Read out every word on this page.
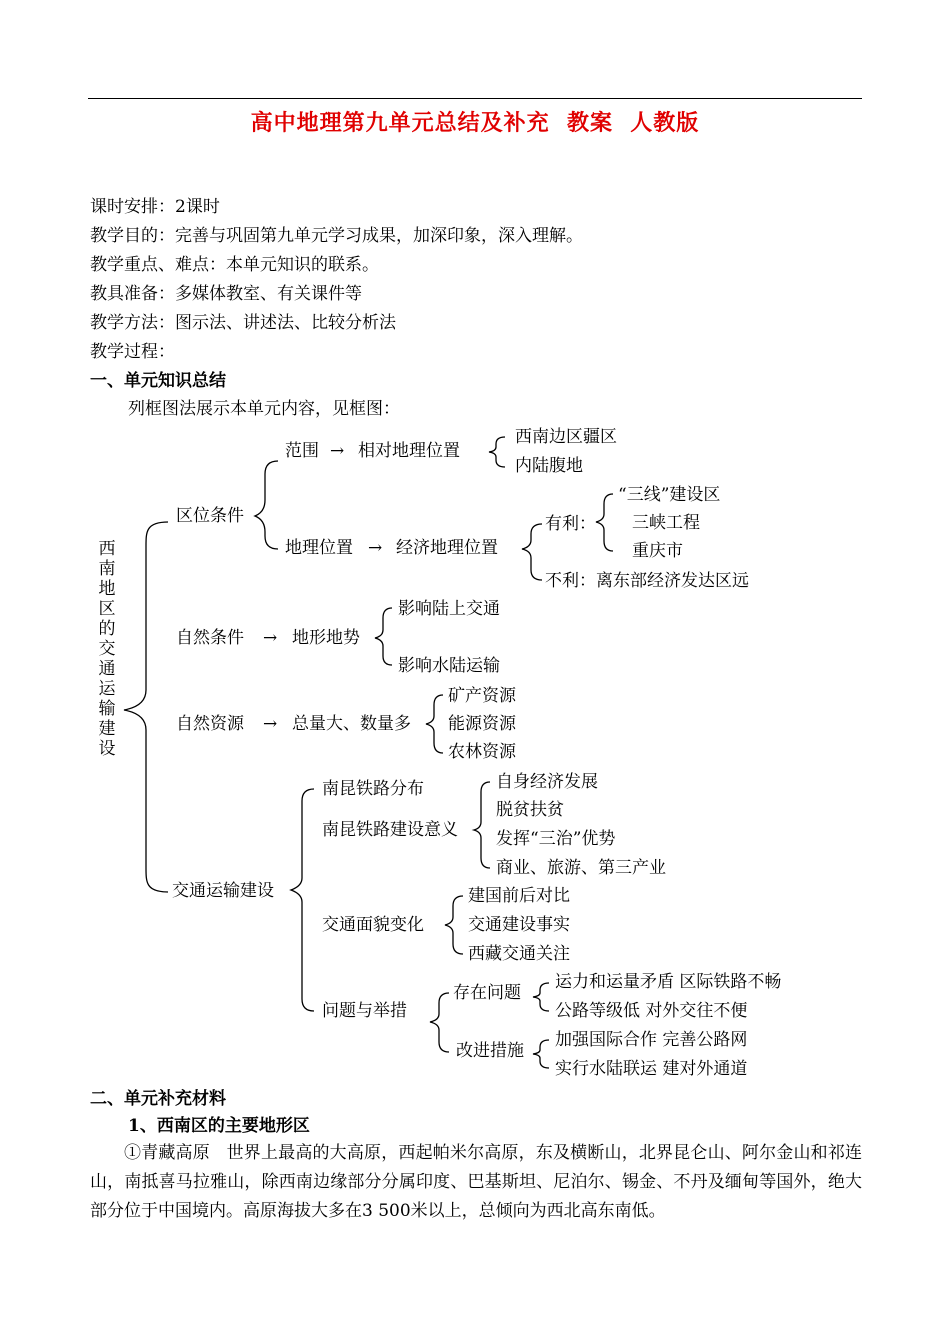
高中地理第九单元总结及补充  教案  人教版
课时安排：2课时
教学目的：完善与巩固第九单元学习成果，加深印象，深入理解。
教学重点、难点：本单元知识的联系。
教具准备：多媒体教室、有关课件等
教学方法：图示法、讲述法、比较分析法
教学过程：
一、单元知识总结
列框图法展示本单元内容，见框图：
西南地区的交通运输建设
区位条件
范围 → 相对地理位置
西南边区疆区
内陆腹地
地理位置 → 经济地理位置
有利：
“三线”建设区
三峡工程
重庆市
不利：离东部经济发达区远
自然条件 → 地形地势
影响陆上交通
影响水陆运输
自然资源 → 总量大、数量多
矿产资源
能源资源
农林资源
交通运输建设
南昆铁路分布
南昆铁路建设意义
自身经济发展
脱贫扶贫
发挥“三治”优势
商业、旅游、第三产业
交通面貌变化
建国前后对比
交通建设事实
西藏交通关注
问题与举措
存在问题
运力和运量矛盾 区际铁路不畅
公路等级低 对外交往不便
改进措施
加强国际合作 完善公路网
实行水陆联运 建对外通道
二、单元补充材料
1、西南区的主要地形区
①青藏高原   世界上最高的大高原，西起帕米尔高原，东及横断山，北界昆仑山、阿尔金山和祁连山，南抵喜马拉雅山，除西南边缘部分分属印度、巴基斯坦、尼泊尔、锡金、不丹及缅甸等国外，绝大部分位于中国境内。高原海拔大多在3 500米以上，总倾向为西北高东南低。
